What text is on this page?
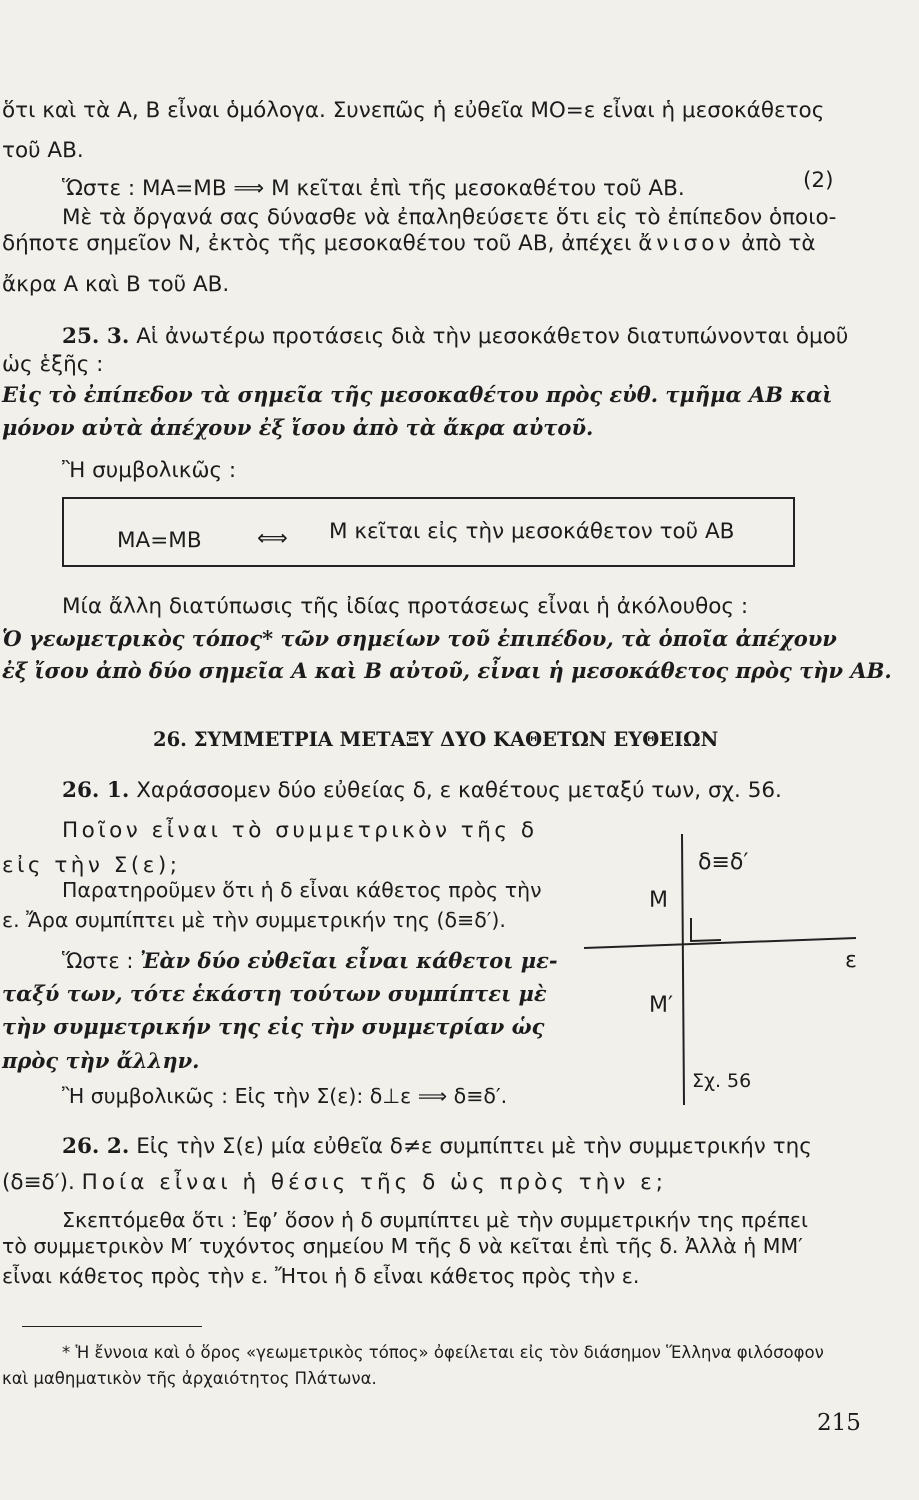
ὅτι καὶ τὰ Α, Β εἶναι ὁμόλογα. Συνεπῶς ἡ εὐθεῖα ΜΟ=ε εἶναι ἡ μεσοκάθετος
τοῦ ΑΒ.
Ὥστε : ΜΑ=ΜΒ ⟹ Μ κεῖται ἐπὶ τῆς μεσοκαθέτου τοῦ ΑΒ.	(2)
Μὲ τὰ ὄργανά σας δύνασθε νὰ ἐπαληθεύσετε ὅτι εἰς τὸ ἐπίπεδον ὁποιο-
δήποτε σημεῖον Ν, ἐκτὸς τῆς μεσοκαθέτου τοῦ ΑΒ, ἀπέχει ἄνισον ἀπὸ τὰ
ἄκρα Α καὶ Β τοῦ ΑΒ.
25. 3. Αἱ ἀνωτέρω προτάσεις διὰ τὴν μεσοκάθετον διατυπώνονται ὁμοῦ
ὡς ἑξῆς :
Εἰς τὸ ἐπίπεδον τὰ σημεῖα τῆς μεσοκαθέτου πρὸς εὐθ. τμῆμα ΑΒ καὶ
μόνον αὐτὰ ἀπέχουν ἐξ ἴσου ἀπὸ τὰ ἄκρα αὐτοῦ.
Ἢ συμβολικῶς :
ΜΑ=ΜΒ	⟺ Μ κεῖται εἰς τὴν μεσοκάθετον τοῦ ΑΒ
Μία ἄλλη διατύπωσις τῆς ἰδίας προτάσεως εἶναι ἡ ἀκόλουθος :
Ὁ γεωμετρικὸς τόπος* τῶν σημείων τοῦ ἐπιπέδου, τὰ ὁποῖα ἀπέχουν
ἐξ ἴσου ἀπὸ δύο σημεῖα Α καὶ Β αὐτοῦ, εἶναι ἡ μεσοκάθετος πρὸς τὴν ΑΒ.
26. ΣΥΜΜΕΤΡΙΑ ΜΕΤΑΞΥ ΔΥΟ ΚΑΘΕΤΩΝ ΕΥΘΕΙΩΝ
26. 1. Χαράσσομεν δύο εὐθείας δ, ε καθέτους μεταξύ των, σχ. 56.
Ποῖον εἶναι τὸ συμμετρικὸν τῆς δ
εἰς τὴν Σ(ε);
Παρατηροῦμεν ὅτι ἡ δ εἶναι κάθετος πρὸς τὴν
ε. Ἄρα συμπίπτει μὲ τὴν συμμετρικήν της (δ≡δ′).
Ὥστε : Ἐὰν δύο εὐθεῖαι εἶναι κάθετοι με-
ταξύ των, τότε ἑκάστη τούτων συμπίπτει μὲ
τὴν συμμετρικήν της εἰς τὴν συμμετρίαν ὡς
πρὸς τὴν ἄλλην.
Ἢ συμβολικῶς : Εἰς τὴν Σ(ε): δ⊥ε ⟹ δ≡δ′.
δ≡δ′
Μ
ε
Μ′
Σχ. 56
26. 2. Εἰς τὴν Σ(ε) μία εὐθεῖα δ≠ε συμπίπτει μὲ τὴν συμμετρικήν της
(δ≡δ′). Ποία εἶναι ἡ θέσις τῆς δ ὡς πρὸς τὴν ε;
Σκεπτόμεθα ὅτι : Ἐφ’ ὅσον ἡ δ συμπίπτει μὲ τὴν συμμετρικήν της πρέπει
τὸ συμμετρικὸν Μ′ τυχόντος σημείου Μ τῆς δ νὰ κεῖται ἐπὶ τῆς δ. Ἀλλὰ ἡ ΜΜ′
εἶναι κάθετος πρὸς τὴν ε. Ἤτοι ἡ δ εἶναι κάθετος πρὸς τὴν ε.
* Ἡ ἔννοια καὶ ὁ ὅρος «γεωμετρικὸς τόπος» ὀφείλεται εἰς τὸν διάσημον Ἕλληνα φιλόσοφον
καὶ μαθηματικὸν τῆς ἀρχαιότητος Πλάτωνα.
215
